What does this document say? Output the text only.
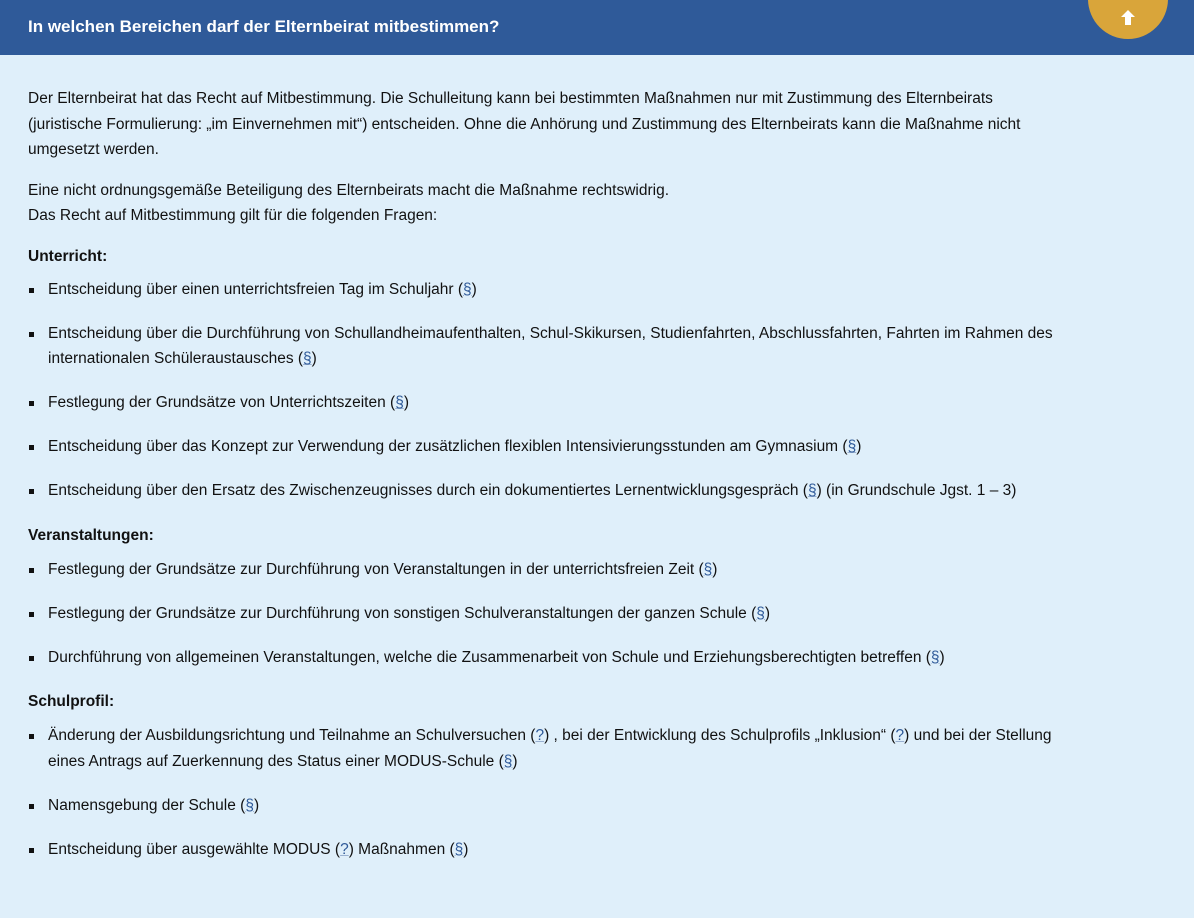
In welchen Bereichen darf der Elternbeirat mitbestimmen?

Der Elternbeirat hat das Recht auf Mitbestimmung. Die Schulleitung kann bei bestimmten Maßnahmen nur mit Zustimmung des Elternbeirats (juristische Formulierung: „im Einvernehmen mit“) entscheiden. Ohne die Anhörung und Zustimmung des Elternbeirats kann die Maßnahme nicht umgesetzt werden.

Eine nicht ordnungsgemäße Beteiligung des Elternbeirats macht die Maßnahme rechtswidrig.
Das Recht auf Mitbestimmung gilt für die folgenden Fragen:

Unterricht:
Entscheidung über einen unterrichtsfreien Tag im Schuljahr (§)
Entscheidung über die Durchführung von Schullandheimaufenthalten, Schul-Skikursen, Studienfahrten, Abschlussfahrten, Fahrten im Rahmen des internationalen Schüleraustausches (§)
Festlegung der Grundsätze von Unterrichtszeiten (§)
Entscheidung über das Konzept zur Verwendung der zusätzlichen flexiblen Intensivierungsstunden am Gymnasium (§)
Entscheidung über den Ersatz des Zwischenzeugnisses durch ein dokumentiertes Lernentwicklungsgespräch (§) (in Grundschule Jgst. 1 – 3)
Veranstaltungen:
Festlegung der Grundsätze zur Durchführung von Veranstaltungen in der unterrichtsfreien Zeit (§)
Festlegung der Grundsätze zur Durchführung von sonstigen Schulveranstaltungen der ganzen Schule (§)
Durchführung von allgemeinen Veranstaltungen, welche die Zusammenarbeit von Schule und Erziehungsberechtigten betreffen (§)
Schulprofil:
Änderung der Ausbildungsrichtung und Teilnahme an Schulversuchen (?) , bei der Entwicklung des Schulprofils „Inklusion“ (?) und bei der Stellung eines Antrags auf Zuerkennung des Status einer MODUS-Schule (§)
Namensgebung der Schule (§)
Entscheidung über ausgewählte MODUS (?) Maßnahmen (§)
